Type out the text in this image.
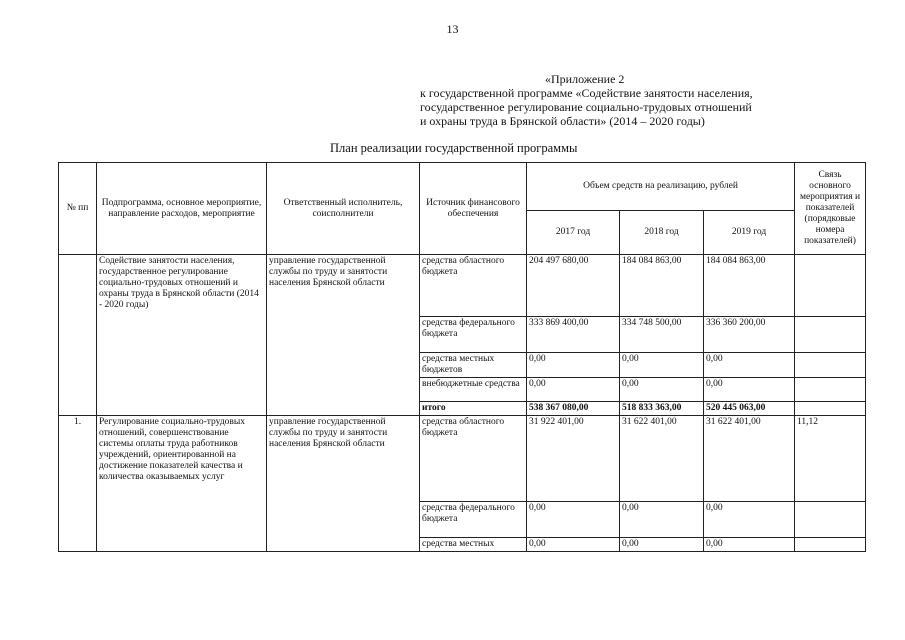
13
«Приложение 2
к государственной программе «Содействие занятости населения,
государственное регулирование социально-трудовых отношений
и охраны труда в Брянской области» (2014 – 2020 годы)
План реализации государственной программы
№ пп	Подпрограмма, основное мероприятие, направление расходов, мероприятие	Ответственный исполнитель, соисполнители	Источник финансового обеспечения	Объем средств на реализацию, рублей			Связь основного мероприятия и показателей (порядковые номера показателей)
				2017 год	2018 год	2019 год	
	Содействие занятости населения, государственное регулирование социально-трудовых отношений и охраны труда в Брянской области (2014 - 2020 годы)	управление государственной службы по труду и занятости населения Брянской области	средства областного бюджета	204 497 680,00	184 084 863,00	184 084 863,00	
			средства федерального бюджета	333 869 400,00	334 748 500,00	336 360 200,00	
			средства местных бюджетов	0,00	0,00	0,00	
			внебюджетные средства	0,00	0,00	0,00	
			итого	538 367 080,00	518 833 363,00	520 445 063,00	
1.	Регулирование социально-трудовых отношений, совершенствование системы оплаты труда работников учреждений, ориентированной на достижение показателей качества и количества оказываемых услуг	управление государственной службы по труду и занятости населения Брянской области	средства областного бюджета	31 922 401,00	31 622 401,00	31 622 401,00	11,12
			средства федерального бюджета	0,00	0,00	0,00	
			средства местных	0,00	0,00	0,00	
